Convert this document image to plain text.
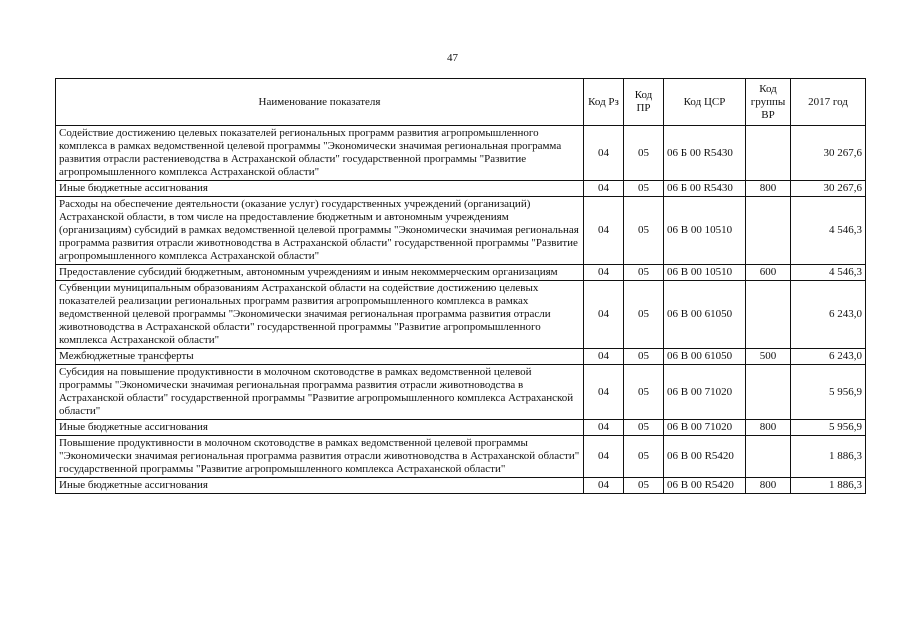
47
Наименование показателя	Код Рз	Код ПР	Код ЦСР	Код группы ВР	2017 год
Содействие достижению целевых показателей региональных программ развития агропромышленного комплекса в рамках ведомственной целевой программы "Экономически значимая региональная программа развития отрасли растениеводства в Астраханской области" государственной программы "Развитие агропромышленного комплекса Астраханской области"	04	05	06 Б 00 R5430		30 267,6
Иные бюджетные ассигнования	04	05	06 Б 00 R5430	800	30 267,6
Расходы на обеспечение деятельности (оказание услуг) государственных учреждений (организаций) Астраханской области, в том числе на предоставление бюджетным и автономным учреждениям (организациям) субсидий в рамках ведомственной целевой программы "Экономически значимая региональная программа развития отрасли животноводства в Астраханской области" государственной программы "Развитие агропромышленного комплекса Астраханской области"	04	05	06 В 00 10510		4 546,3
Предоставление субсидий бюджетным, автономным учреждениям и иным некоммерческим организациям	04	05	06 В 00 10510	600	4 546,3
Субвенции муниципальным образованиям Астраханской области на содействие достижению целевых показателей реализации региональных программ развития агропромышленного комплекса в рамках ведомственной целевой программы "Экономически значимая региональная программа развития отрасли животноводства в Астраханской области" государственной программы "Развитие агропромышленного комплекса Астраханской области"	04	05	06 В 00 61050		6 243,0
Межбюджетные трансферты	04	05	06 В 00 61050	500	6 243,0
Субсидия на повышение продуктивности в молочном скотоводстве в рамках ведомственной целевой программы "Экономически значимая региональная программа развития отрасли животноводства в Астраханской области" государственной программы "Развитие агропромышленного комплекса Астраханской области"	04	05	06 В 00 71020		5 956,9
Иные бюджетные ассигнования	04	05	06 В 00 71020	800	5 956,9
Повышение продуктивности в молочном скотоводстве в рамках ведомственной целевой программы "Экономически значимая региональная программа развития отрасли животноводства в Астраханской области" государственной программы "Развитие агропромышленного комплекса Астраханской области"	04	05	06 В 00 R5420		1 886,3
Иные бюджетные ассигнования	04	05	06 В 00 R5420	800	1 886,3
